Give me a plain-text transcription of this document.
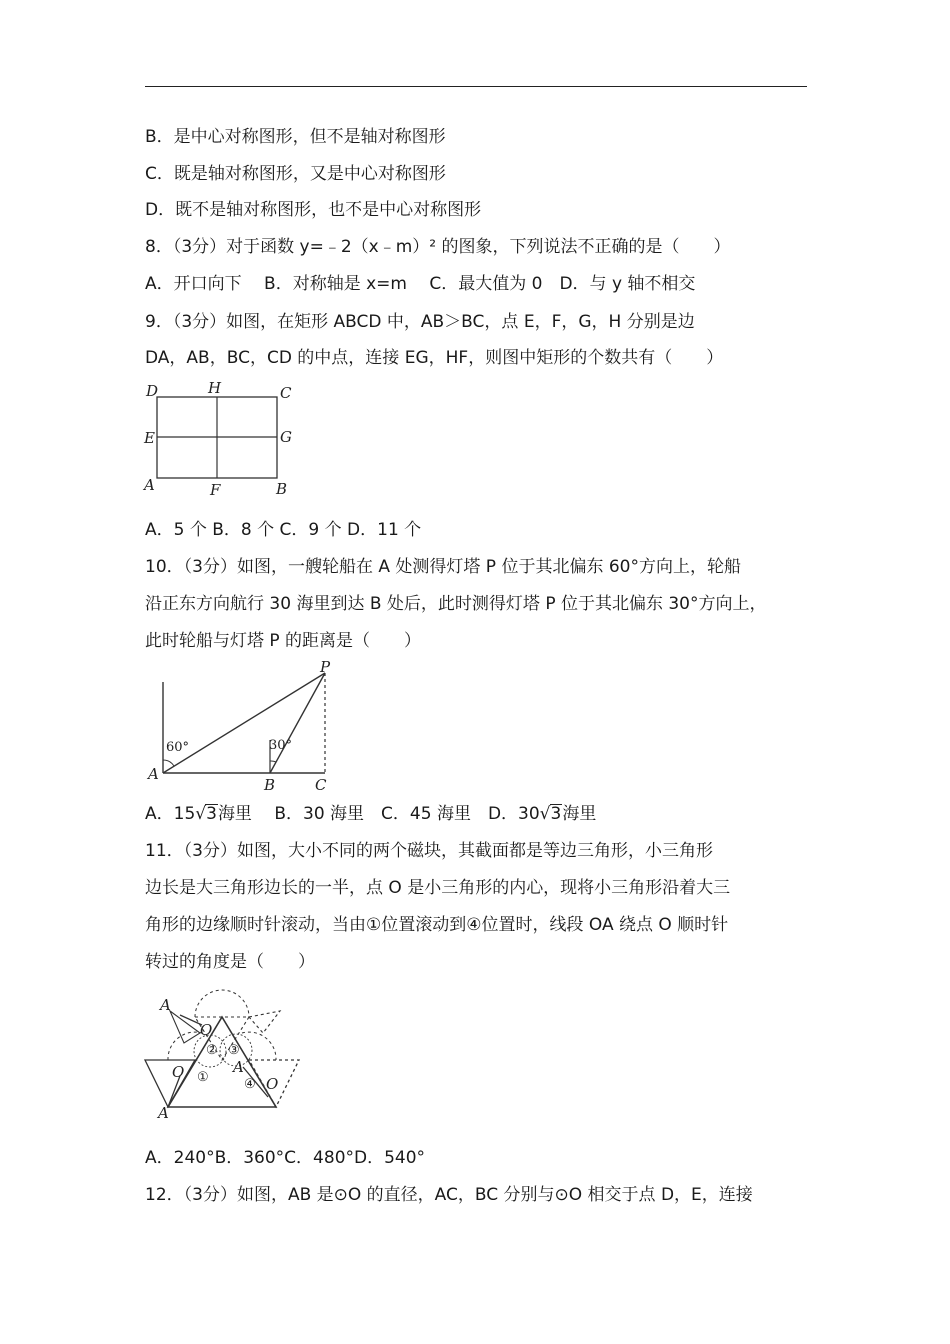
B．是中心对称图形，但不是轴对称图形
C．既是轴对称图形，又是中心对称图形
D．既不是轴对称图形，也不是中心对称图形
8．（3分）对于函数 y=﹣2（x﹣m）² 的图象，下列说法不正确的是（　　）
A．开口向下　 B．对称轴是 x=m　 C．最大值为 0　D．与 y 轴不相交
9．（3分）如图，在矩形 ABCD 中，AB＞BC，点 E，F，G，H 分别是边
DA，AB，BC，CD 的中点，连接 EG，HF，则图中矩形的个数共有（　　）
D	H	C
E	G
A	F	B
A．5 个 B．8 个 C．9 个 D．11 个
10．（3分）如图，一艘轮船在 A 处测得灯塔 P 位于其北偏东 60°方向上，轮船
沿正东方向航行 30 海里到达 B 处后，此时测得灯塔 P 位于其北偏东 30°方向上，
此时轮船与灯塔 P 的距离是（　　）
P
A
B	C
60°	30°
A．15√3海里　 B．30 海里　C．45 海里　D．30√3海里
11．（3分）如图，大小不同的两个磁块，其截面都是等边三角形，小三角形
边长是大三角形边长的一半，点 O 是小三角形的内心，现将小三角形沿着大三
角形的边缘顺时针滚动，当由①位置滚动到④位置时，线段 OA 绕点 O 顺时针
转过的角度是（　　）
A
O
O
A
A
O
①
② ③
④
A．240°B．360°C．480°D．540°
12．（3分）如图，AB 是⊙O 的直径，AC，BC 分别与⊙O 相交于点 D，E，连接
